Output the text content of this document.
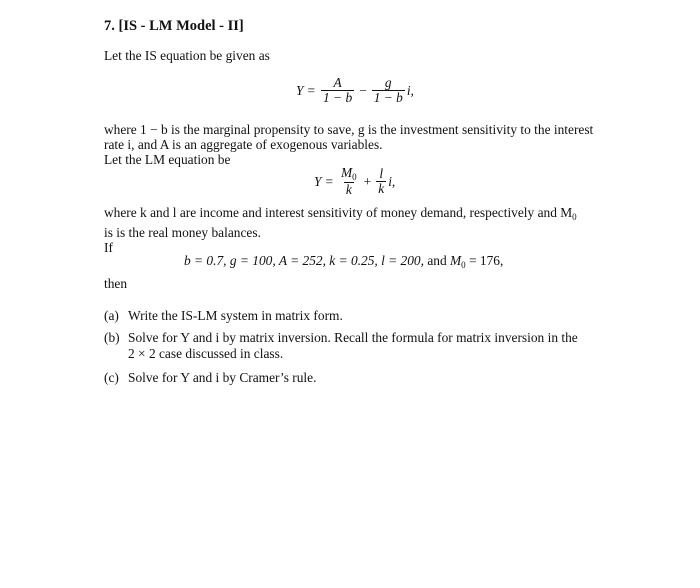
7. [IS - LM Model - II]
Let the IS equation be given as
$Y = \frac{A}{1 - b} - \frac{g}{1 - b} i$,
where 1 − b is the marginal propensity to save, g is the investment sensitivity to the interest
rate i, and A is an aggregate of exogenous variables.
Let the LM equation be
$Y = \frac{M_0}{k} + \frac{l}{k} i$,
where k and l are income and interest sensitivity of money demand, respectively and $M_0$
is is the real money balances.
If
b = 0.7, g = 100, A = 252, k = 0.25, l = 200, and $M_0 = 176$,
then
(a) Write the IS-LM system in matrix form.
(b) Solve for Y and i by matrix inversion. Recall the formula for matrix inversion in the
2 × 2 case discussed in class.
(c) Solve for Y and i by Cramer’s rule.
